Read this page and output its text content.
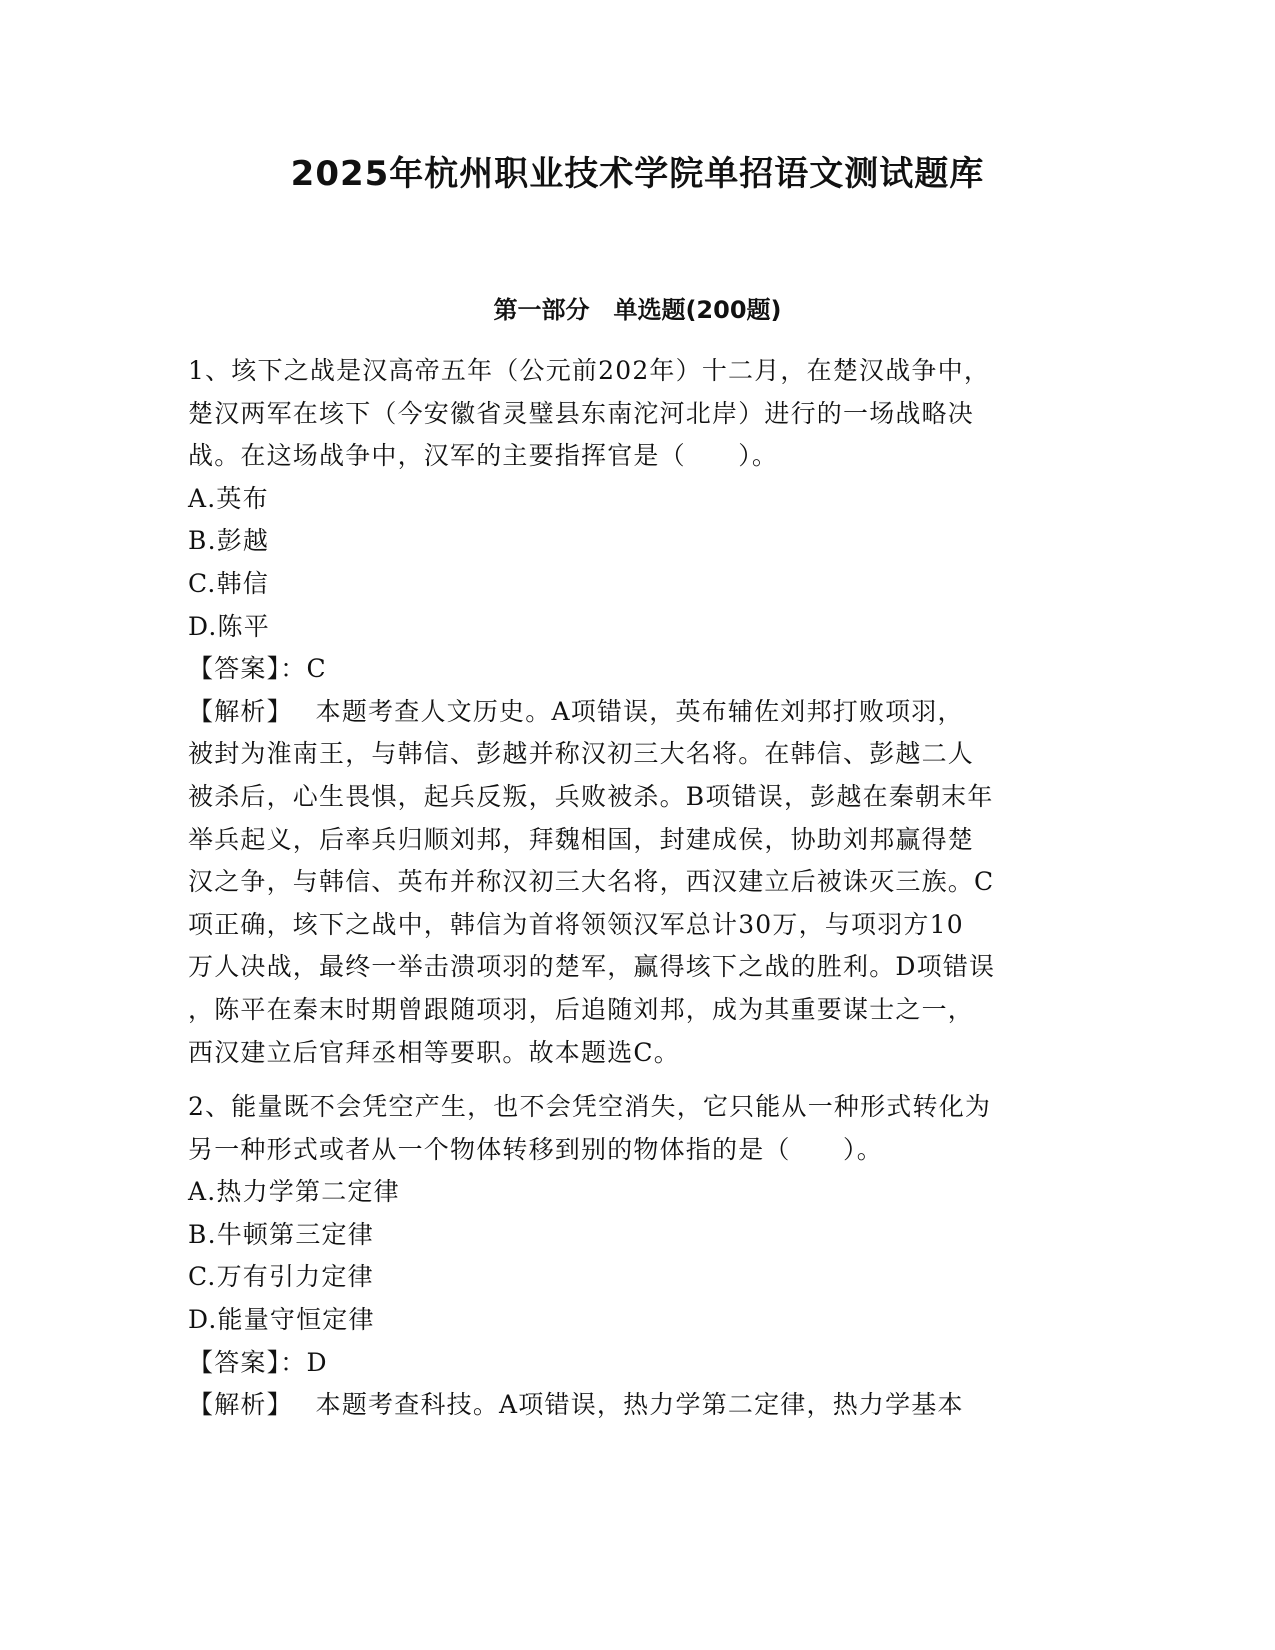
2025年杭州职业技术学院单招语文测试题库
第一部分　单选题(200题)

1、垓下之战是汉高帝五年（公元前202年）十二月，在楚汉战争中，

楚汉两军在垓下（今安徽省灵璧县东南沱河北岸）进行的一场战略决

战。在这场战争中，汉军的主要指挥官是（　　）。

A.英布

B.彭越

C.韩信

D.陈平

【答案】：C

【解析】　 本题考查人文历史。A项错误，英布辅佐刘邦打败项羽，

被封为淮南王，与韩信、彭越并称汉初三大名将。在韩信、彭越二人

被杀后，心生畏惧，起兵反叛，兵败被杀。B项错误，彭越在秦朝末年

举兵起义，后率兵归顺刘邦，拜魏相国，封建成侯，协助刘邦赢得楚

汉之争，与韩信、英布并称汉初三大名将，西汉建立后被诛灭三族。C

项正确，垓下之战中，韩信为首将领领汉军总计30万，与项羽方10

万人决战，最终一举击溃项羽的楚军，赢得垓下之战的胜利。D项错误

，陈平在秦末时期曾跟随项羽，后追随刘邦，成为其重要谋士之一，

西汉建立后官拜丞相等要职。故本题选C。

2、能量既不会凭空产生，也不会凭空消失，它只能从一种形式转化为

另一种形式或者从一个物体转移到别的物体指的是（　　）。

A.热力学第二定律

B.牛顿第三定律

C.万有引力定律

D.能量守恒定律

【答案】：D

【解析】　 本题考查科技。A项错误，热力学第二定律，热力学基本
